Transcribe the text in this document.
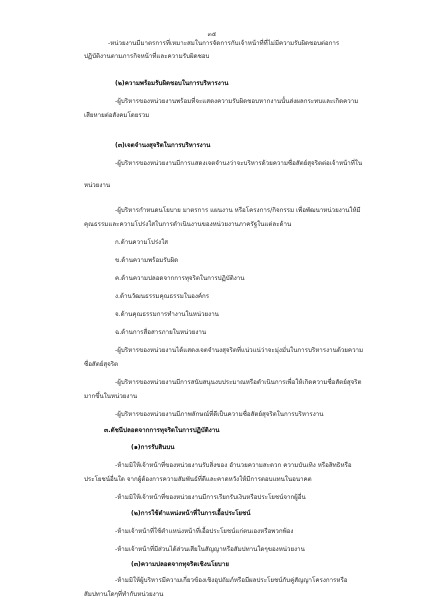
๓๕
-หน่วยงานมีมาตรการที่เหมาะสมในการจัดการกับเจ้าหน้าที่ที่ไม่มีความรับผิดชอบต่อการ
ปฏิบัติงานตามภารกิจหน้าที่และความรับผิดชอบ
(๒)ความพร้อมรับผิดชอบในการบริหารงาน
-ผู้บริหารของหน่วยงานพร้อมที่จะแสดงความรับผิดชอบหากงานนั้นส่งผลกระทบและเกิดความ
เสียหายต่อสังคมโดยรวม
(๓)เจตจำนงสุจริตในการบริหารงาน
-ผู้บริหารของหน่วยงานมีการแสดงเจตจำนงว่าจะบริหารด้วยความซื่อสัตย์สุจริตต่อเจ้าหน้าที่ใน
หน่วยงาน
-ผู้บริหารกำหนดนโยบาย มาตรการ แผนงาน หรือโครงการ/กิจกรรม เพื่อพัฒนาหน่วยงานให้มี
คุณธรรมและความโปร่งใสในการดำเนินงานของหน่วยงานภาครัฐในแต่ละด้าน
ก.ด้านความโปร่งใส
ข.ด้านความพร้อมรับผิด
ค.ด้านความปลอดจากการทุจริตในการปฏิบัติงาน
ง.ด้านวัฒนธรรมคุณธรรมในองค์กร
จ.ด้านคุณธรรมการทำงานในหน่วยงาน
ฉ.ด้านการสื่อสารภายในหน่วยงาน
-ผู้บริหารของหน่วยงานได้แสดงเจตจำนงสุจริตที่แน่วแน่ว่าจะมุ่งมั่นในการบริหารงานด้วยความ
ซื่อสัตย์สุจริต
-ผู้บริหารของหน่วยงานมีการสนับสนุนงบประมาณหรือดำเนินการเพื่อให้เกิดความซื่อสัตย์สุจริต
มากขึ้นในหน่วยงาน
-ผู้บริหารของหน่วยงานมีภาพลักษณ์ที่ดีเป็นความซื่อสัตย์สุจริตในการบริหารงาน
๓.ดัชนีปลอดจากการทุจริตในการปฏิบัติงาน
(๑)การรับสินบน
-ห้ามมิให้เจ้าหน้าที่ของหน่วยงานรับสิ่งของ อำนวยความสะดวก ความบันเทิง หรือสิทธิหรือ
ประโยชน์อื่นใด จากผู้ต้องการความสัมพันธ์ที่ดีและคาดหวังให้มีการตอบแทนในอนาคต
-ห้ามมิให้เจ้าหน้าที่ของหน่วยงานมีการเรียกรับเงินหรือประโยชน์จากผู้อื่น
(๒)การใช้ตำแหน่งหน้าที่ในการเอื้อประโยชน์
-ห้ามเจ้าหน้าที่ใช้ตำแหน่งหน้าที่เอื้อประโยชน์แก่ตนเองหรือพวกพ้อง
-ห้ามเจ้าหน้าที่มีส่วนได้ส่วนเสียในสัญญาหรือสัมปทานใดๆของหน่วยงาน
(๓)ความปลอดจากทุจริตเชิงนโยบาย
-ห้ามมิให้ผู้บริหารมีความเกี่ยวข้องเชิงอุปถัมภ์หรือมีผลประโยชน์กับคู่สัญญาโครงการหรือ
สัมปทานใดๆที่ทำกับหน่วยงาน
